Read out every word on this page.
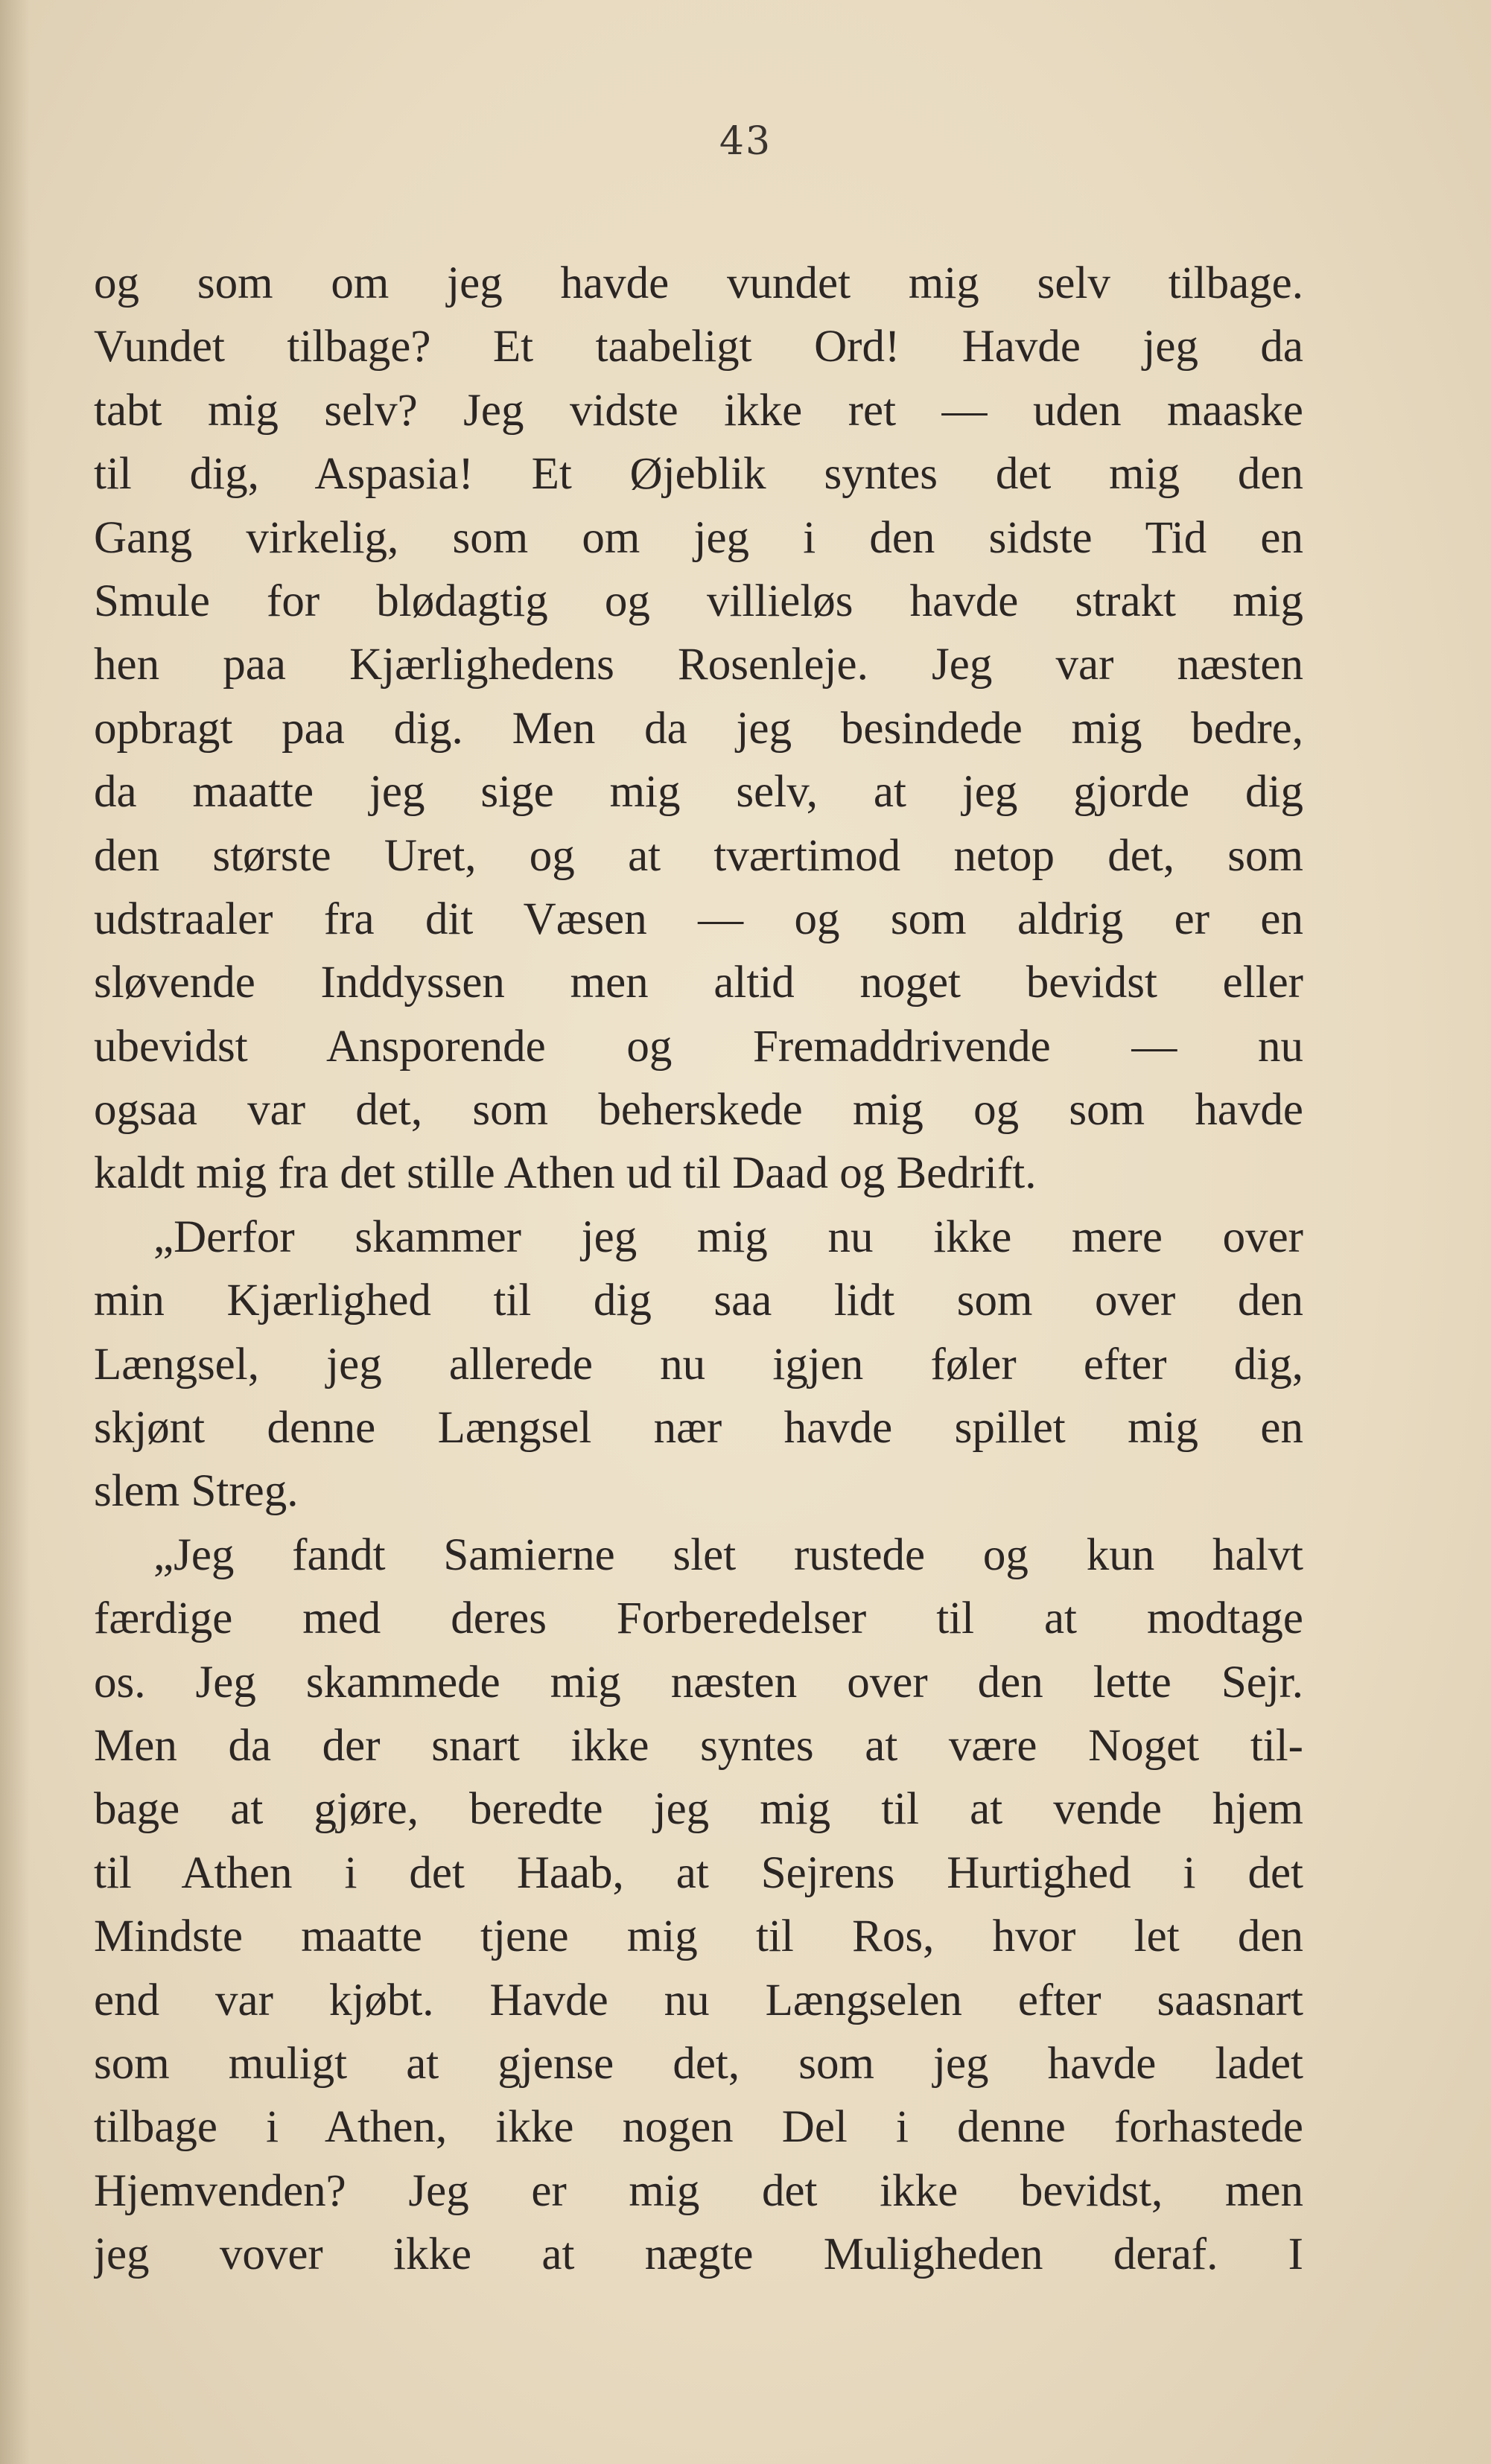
43
og som om jeg havde vundet mig selv tilbage.
Vundet tilbage? Et taabeligt Ord! Havde jeg da
tabt mig selv? Jeg vidste ikke ret — uden maaske
til dig, Aspasia! Et Øjeblik syntes det mig den
Gang virkelig, som om jeg i den sidste Tid en
Smule for blødagtig og villieløs havde strakt mig
hen paa Kjærlighedens Rosenleje. Jeg var næsten
opbragt paa dig. Men da jeg besindede mig bedre,
da maatte jeg sige mig selv, at jeg gjorde dig
den største Uret, og at tværtimod netop det, som
udstraaler fra dit Væsen — og som aldrig er en
sløvende Inddyssen men altid noget bevidst eller
ubevidst Ansporende og Fremaddrivende — nu
ogsaa var det, som beherskede mig og som havde
kaldt mig fra det stille Athen ud til Daad og Bedrift.
„Derfor skammer jeg mig nu ikke mere over
min Kjærlighed til dig saa lidt som over den
Længsel, jeg allerede nu igjen føler efter dig,
skjønt denne Længsel nær havde spillet mig en
slem Streg.
„Jeg fandt Samierne slet rustede og kun halvt
færdige med deres Forberedelser til at modtage
os. Jeg skammede mig næsten over den lette Sejr.
Men da der snart ikke syntes at være Noget til-
bage at gjøre, beredte jeg mig til at vende hjem
til Athen i det Haab, at Sejrens Hurtighed i det
Mindste maatte tjene mig til Ros, hvor let den
end var kjøbt. Havde nu Længselen efter saasnart
som muligt at gjense det, som jeg havde ladet
tilbage i Athen, ikke nogen Del i denne forhastede
Hjemvenden? Jeg er mig det ikke bevidst, men
jeg vover ikke at nægte Muligheden deraf. I
